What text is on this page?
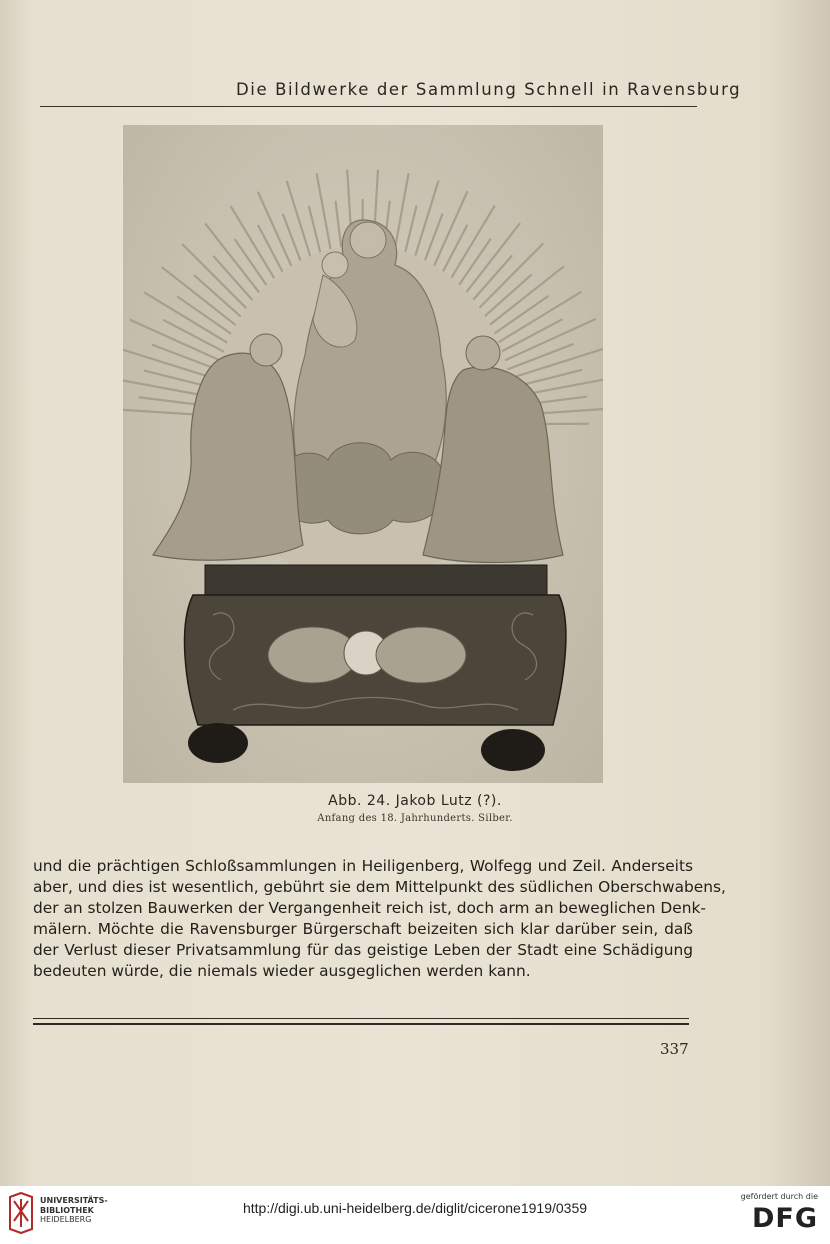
Die Bildwerke der Sammlung Schnell in Ravensburg
Abb. 24. Jakob Lutz (?).
Anfang des 18. Jahrhunderts. Silber.
und die prächtigen Schloßsammlungen in Heiligenberg, Wolfegg und Zeil. Anderseits
aber, und dies ist wesentlich, gebührt sie dem Mittelpunkt des südlichen Oberschwabens,
der an stolzen Bauwerken der Vergangenheit reich ist, doch arm an beweglichen Denk-
mälern. Möchte die Ravensburger Bürgerschaft beizeiten sich klar darüber sein, daß
der Verlust dieser Privatsammlung für das geistige Leben der Stadt eine Schädigung
bedeuten würde, die niemals wieder ausgeglichen werden kann.
337
UNIVERSITÄTS-
BIBLIOTHEK
HEIDELBERG
http://digi.ub.uni-heidelberg.de/diglit/cicerone1919/0359
gefördert durch die
DFG
